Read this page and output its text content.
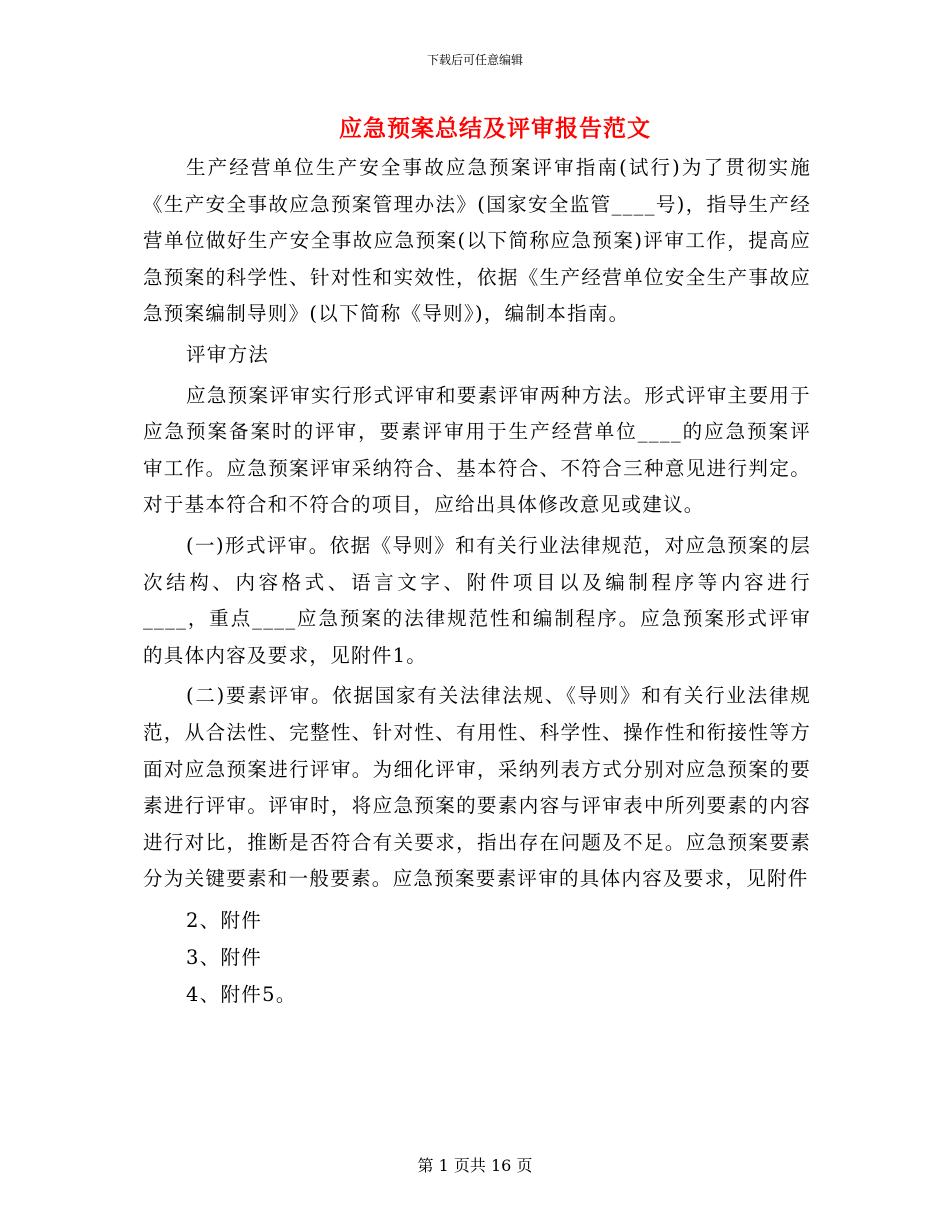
下载后可任意编辑
应急预案总结及评审报告范文

生产经营单位生产安全事故应急预案评审指南(试行)为了贯彻实施《生产安全事故应急预案管理办法》(国家安全监管____号)，指导生产经营单位做好生产安全事故应急预案(以下简称应急预案)评审工作，提高应急预案的科学性、针对性和实效性，依据《生产经营单位安全生产事故应急预案编制导则》(以下简称《导则》)，编制本指南。

评审方法

应急预案评审实行形式评审和要素评审两种方法。形式评审主要用于应急预案备案时的评审，要素评审用于生产经营单位____的应急预案评审工作。应急预案评审采纳符合、基本符合、不符合三种意见进行判定。对于基本符合和不符合的项目，应给出具体修改意见或建议。

(一)形式评审。依据《导则》和有关行业法律规范，对应急预案的层次结构、内容格式、语言文字、附件项目以及编制程序等内容进行____，重点____应急预案的法律规范性和编制程序。应急预案形式评审的具体内容及要求，见附件1。

(二)要素评审。依据国家有关法律法规、《导则》和有关行业法律规范，从合法性、完整性、针对性、有用性、科学性、操作性和衔接性等方面对应急预案进行评审。为细化评审，采纳列表方式分别对应急预案的要素进行评审。评审时，将应急预案的要素内容与评审表中所列要素的内容进行对比，推断是否符合有关要求，指出存在问题及不足。应急预案要素分为关键要素和一般要素。应急预案要素评审的具体内容及要求，见附件

2、附件

3、附件

4、附件5。

第 1 页共 16 页
